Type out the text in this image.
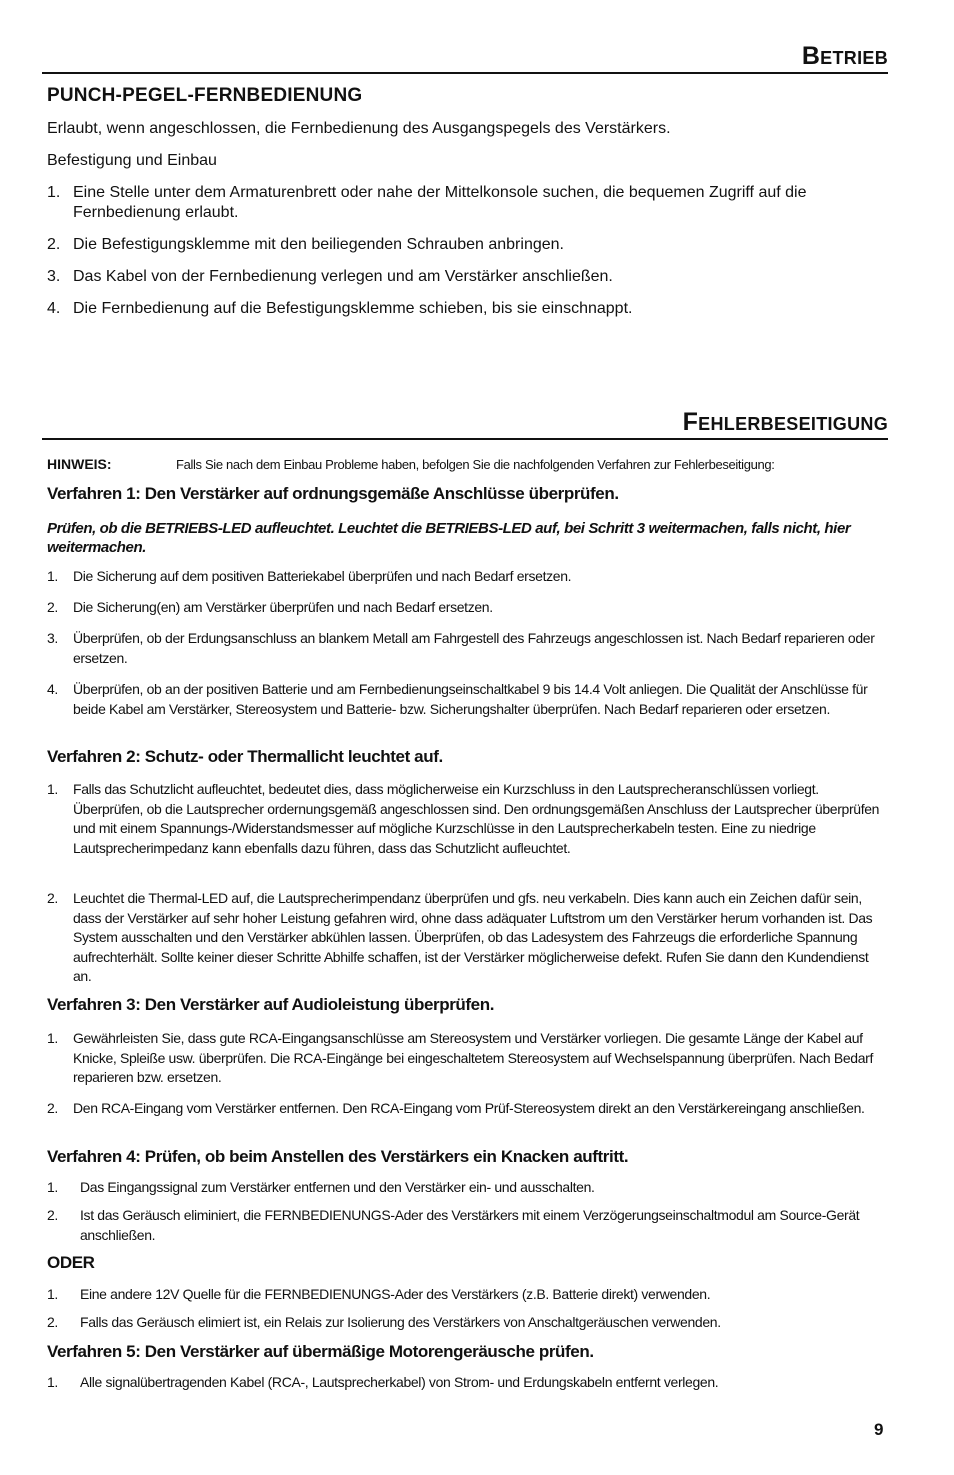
Betrieb
PUNCH-PEGEL-FERNBEDIENUNG
Erlaubt, wenn angeschlossen, die Fernbedienung des Ausgangspegels des Verstärkers.
Befestigung und Einbau
1. Eine Stelle unter dem Armaturenbrett oder nahe der Mittelkonsole suchen, die bequemen Zugriff auf die Fernbedienung erlaubt.
2. Die Befestigungsklemme mit den beiliegenden Schrauben anbringen.
3. Das Kabel von der Fernbedienung verlegen und am Verstärker anschließen.
4. Die Fernbedienung auf die Befestigungsklemme schieben, bis sie einschnappt.
Fehlerbeseitigung
HINWEIS:	Falls Sie nach dem Einbau Probleme haben, befolgen Sie die nachfolgenden Verfahren zur Fehlerbeseitigung:
Verfahren 1: Den Verstärker auf ordnungsgemäße Anschlüsse überprüfen.
Prüfen, ob die BETRIEBS-LED aufleuchtet. Leuchtet die BETRIEBS-LED auf, bei Schritt 3 weitermachen, falls nicht, hier weitermachen.
1.	Die Sicherung auf dem positiven Batteriekabel überprüfen und nach Bedarf ersetzen.
2.	Die Sicherung(en) am Verstärker überprüfen und nach Bedarf ersetzen.
3.	Überprüfen, ob der Erdungsanschluss an blankem Metall am Fahrgestell des Fahrzeugs angeschlossen ist. Nach Bedarf reparieren oder ersetzen.
4.	Überprüfen, ob an der positiven Batterie und am Fernbedienungseinschaltkabel 9 bis 14.4 Volt anliegen. Die Qualität der Anschlüsse für beide Kabel am Verstärker, Stereosystem und Batterie- bzw. Sicherungshalter überprüfen. Nach Bedarf reparieren oder ersetzen.
Verfahren 2: Schutz- oder Thermallicht leuchtet auf.
1.	Falls das Schutzlicht aufleuchtet, bedeutet dies, dass möglicherweise ein Kurzschluss in den Lautsprecheranschlüssen vorliegt. Überprüfen, ob die Lautsprecher ordernungsgemäß angeschlossen sind. Den ordnungsgemäßen Anschluss der Lautsprecher überprüfen und mit einem Spannungs-/Widerstandsmesser auf mögliche Kurzschlüsse in den Lautsprecherkabeln testen. Eine zu niedrige Lautsprecherimpedanz kann ebenfalls dazu führen, dass das Schutzlicht aufleuchtet.
2.	Leuchtet die Thermal-LED auf, die Lautsprecherimpendanz überprüfen und gfs. neu verkabeln. Dies kann auch ein Zeichen dafür sein, dass der Verstärker auf sehr hoher Leistung gefahren wird, ohne dass adäquater Luftstrom um den Verstärker herum vorhanden ist. Das System ausschalten und den Verstärker abkühlen lassen. Überprüfen, ob das Ladesystem des Fahrzeugs die erforderliche Spannung aufrechterhält. Sollte keiner dieser Schritte Abhilfe schaffen, ist der Verstärker möglicherweise defekt. Rufen Sie dann den Kundendienst an.
Verfahren 3: Den Verstärker auf Audioleistung überprüfen.
1.	Gewährleisten Sie, dass gute RCA-Eingangsanschlüsse am Stereosystem und Verstärker vorliegen. Die gesamte Länge der Kabel auf Knicke, Spleiße usw. überprüfen. Die RCA-Eingänge bei eingeschaltetem Stereosystem auf Wechselspannung überprüfen. Nach Bedarf reparieren bzw. ersetzen.
2.	Den RCA-Eingang vom Verstärker entfernen. Den RCA-Eingang vom Prüf-Stereosystem direkt an den Verstärkereingang anschließen.
Verfahren 4: Prüfen, ob beim Anstellen des Verstärkers ein Knacken auftritt.
1.	Das Eingangssignal zum Verstärker entfernen und den Verstärker ein- und ausschalten.
2.	Ist das Geräusch eliminiert, die FERNBEDIENUNGS-Ader des Verstärkers mit einem Verzögerungseinschaltmodul am Source-Gerät anschließen.
ODER
1.	Eine andere 12V Quelle für die FERNBEDIENUNGS-Ader des Verstärkers (z.B. Batterie direkt) verwenden.
2.	Falls das Geräusch elimiert ist, ein Relais zur Isolierung des Verstärkers von Anschaltgeräuschen verwenden.
Verfahren 5: Den Verstärker auf übermäßige Motorengeräusche prüfen.
1.	Alle signalübertragenden Kabel (RCA-, Lautsprecherkabel) von Strom- und Erdungskabeln entfernt verlegen.
9
